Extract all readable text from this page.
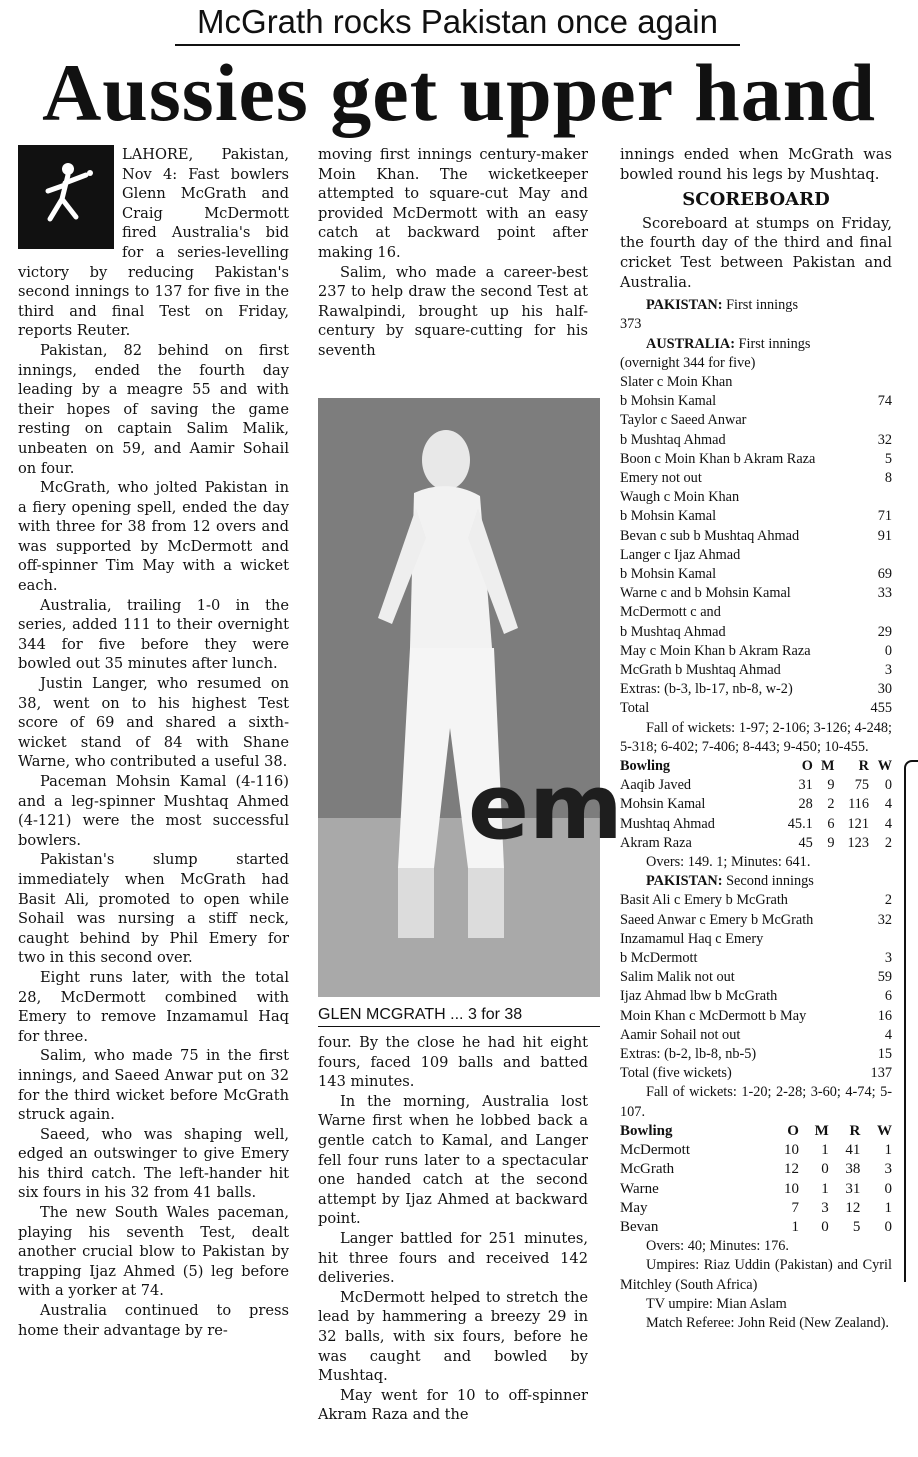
McGrath rocks Pakistan once again
Aussies get upper hand

LAHORE, Pakistan, Nov 4: Fast bowlers Glenn McGrath and Craig McDermott fired Australia's bid for a series-levelling victory by reducing Pakistan's second innings to 137 for five in the third and final Test on Friday, reports Reuter.

Pakistan, 82 behind on first innings, ended the fourth day leading by a meagre 55 and with their hopes of saving the game resting on captain Salim Malik, unbeaten on 59, and Aamir Sohail on four.

McGrath, who jolted Pakistan in a fiery opening spell, ended the day with three for 38 from 12 overs and was supported by McDermott and off-spinner Tim May with a wicket each.

Australia, trailing 1-0 in the series, added 111 to their overnight 344 for five before they were bowled out 35 minutes after lunch.

Justin Langer, who resumed on 38, went on to his highest Test score of 69 and shared a sixth-wicket stand of 84 with Shane Warne, who contributed a useful 38.

Paceman Mohsin Kamal (4-116) and a leg-spinner Mushtaq Ahmed (4-121) were the most successful bowlers.

Pakistan's slump started immediately when McGrath had Basit Ali, promoted to open while Sohail was nursing a stiff neck, caught behind by Phil Emery for two in this second over.

Eight runs later, with the total 28, McDermott combined with Emery to remove Inzamamul Haq for three.

Salim, who made 75 in the first innings, and Saeed Anwar put on 32 for the third wicket before McGrath struck again.

Saeed, who was shaping well, edged an outswinger to give Emery his third catch. The left-hander hit six fours in his 32 from 41 balls.

The new South Wales paceman, playing his seventh Test, dealt another crucial blow to Pakistan by trapping Ijaz Ahmed (5) leg before with a yorker at 74.

Australia continued to press home their advantage by re-

moving first innings century-maker Moin Khan. The wicketkeeper attempted to square-cut May and provided McDermott with an easy catch at backward point after making 16.

Salim, who made a career-best 237 to help draw the second Test at Rawalpindi, brought up his half-century by square-cutting for his seventh

em
GLEN MCGRATH ... 3 for 38

four. By the close he had hit eight fours, faced 109 balls and batted 143 minutes.

In the morning, Australia lost Warne first when he lobbed back a gentle catch to Kamal, and Langer fell four runs later to a spectacular one handed catch at the second attempt by Ijaz Ahmed at backward point.

Langer battled for 251 minutes, hit three fours and received 142 deliveries.

McDermott helped to stretch the lead by hammering a breezy 29 in 32 balls, with six fours, before he was caught and bowled by Mushtaq.

May went for 10 to off-spinner Akram Raza and the

innings ended when McGrath was bowled round his legs by Mushtaq.

SCOREBOARD

Scoreboard at stumps on Friday, the fourth day of the third and final cricket Test between Pakistan and Australia.

PAKISTAN: First innings
373
AUSTRALIA: First innings
(overnight 344 for five)
Slater c Moin Khan
b Mohsin Kamal	74
Taylor c Saeed Anwar
b Mushtaq Ahmad	32
Boon c Moin Khan b Akram Raza	5
Emery not out	8
Waugh c Moin Khan
b Mohsin Kamal	71
Bevan c sub b Mushtaq Ahmad	91
Langer c Ijaz Ahmad
b Mohsin Kamal	69
Warne c and b Mohsin Kamal	33
McDermott c and
b Mushtaq Ahmad	29
May c Moin Khan b Akram Raza	0
McGrath b Mushtaq Ahmad	3
Extras: (b-3, lb-17, nb-8, w-2)	30
Total	455

Fall of wickets: 1-97; 2-106; 3-126; 4-248; 5-318; 6-402; 7-406; 8-443; 9-450; 10-455.

Bowling	O	M	R	W
Aaqib Javed	31	9	75	0
Mohsin Kamal	28	2	116	4
Mushtaq Ahmad	45.1	6	121	4
Akram Raza	45	9	123	2
Overs: 149. 1; Minutes: 641.
PAKISTAN: Second innings
Basit Ali c Emery b McGrath	2
Saeed Anwar c Emery b McGrath	32
Inzamamul Haq c Emery
b McDermott	3
Salim Malik not out	59
Ijaz Ahmad lbw b McGrath	6
Moin Khan c McDermott b May	16
Aamir Sohail not out	4
Extras: (b-2, lb-8, nb-5)	15
Total (five wickets)	137

Fall of wickets: 1-20; 2-28; 3-60; 4-74; 5-107.

Bowling	O	M	R	W
McDermott	10	1	41	1
McGrath	12	0	38	3
Warne	10	1	31	0
May	7	3	12	1
Bevan	1	0	5	0
Overs: 40; Minutes: 176.

Umpires: Riaz Uddin (Pakistan) and Cyril Mitchley (South Africa)

TV umpire: Mian Aslam

Match Referee: John Reid (New Zealand).
